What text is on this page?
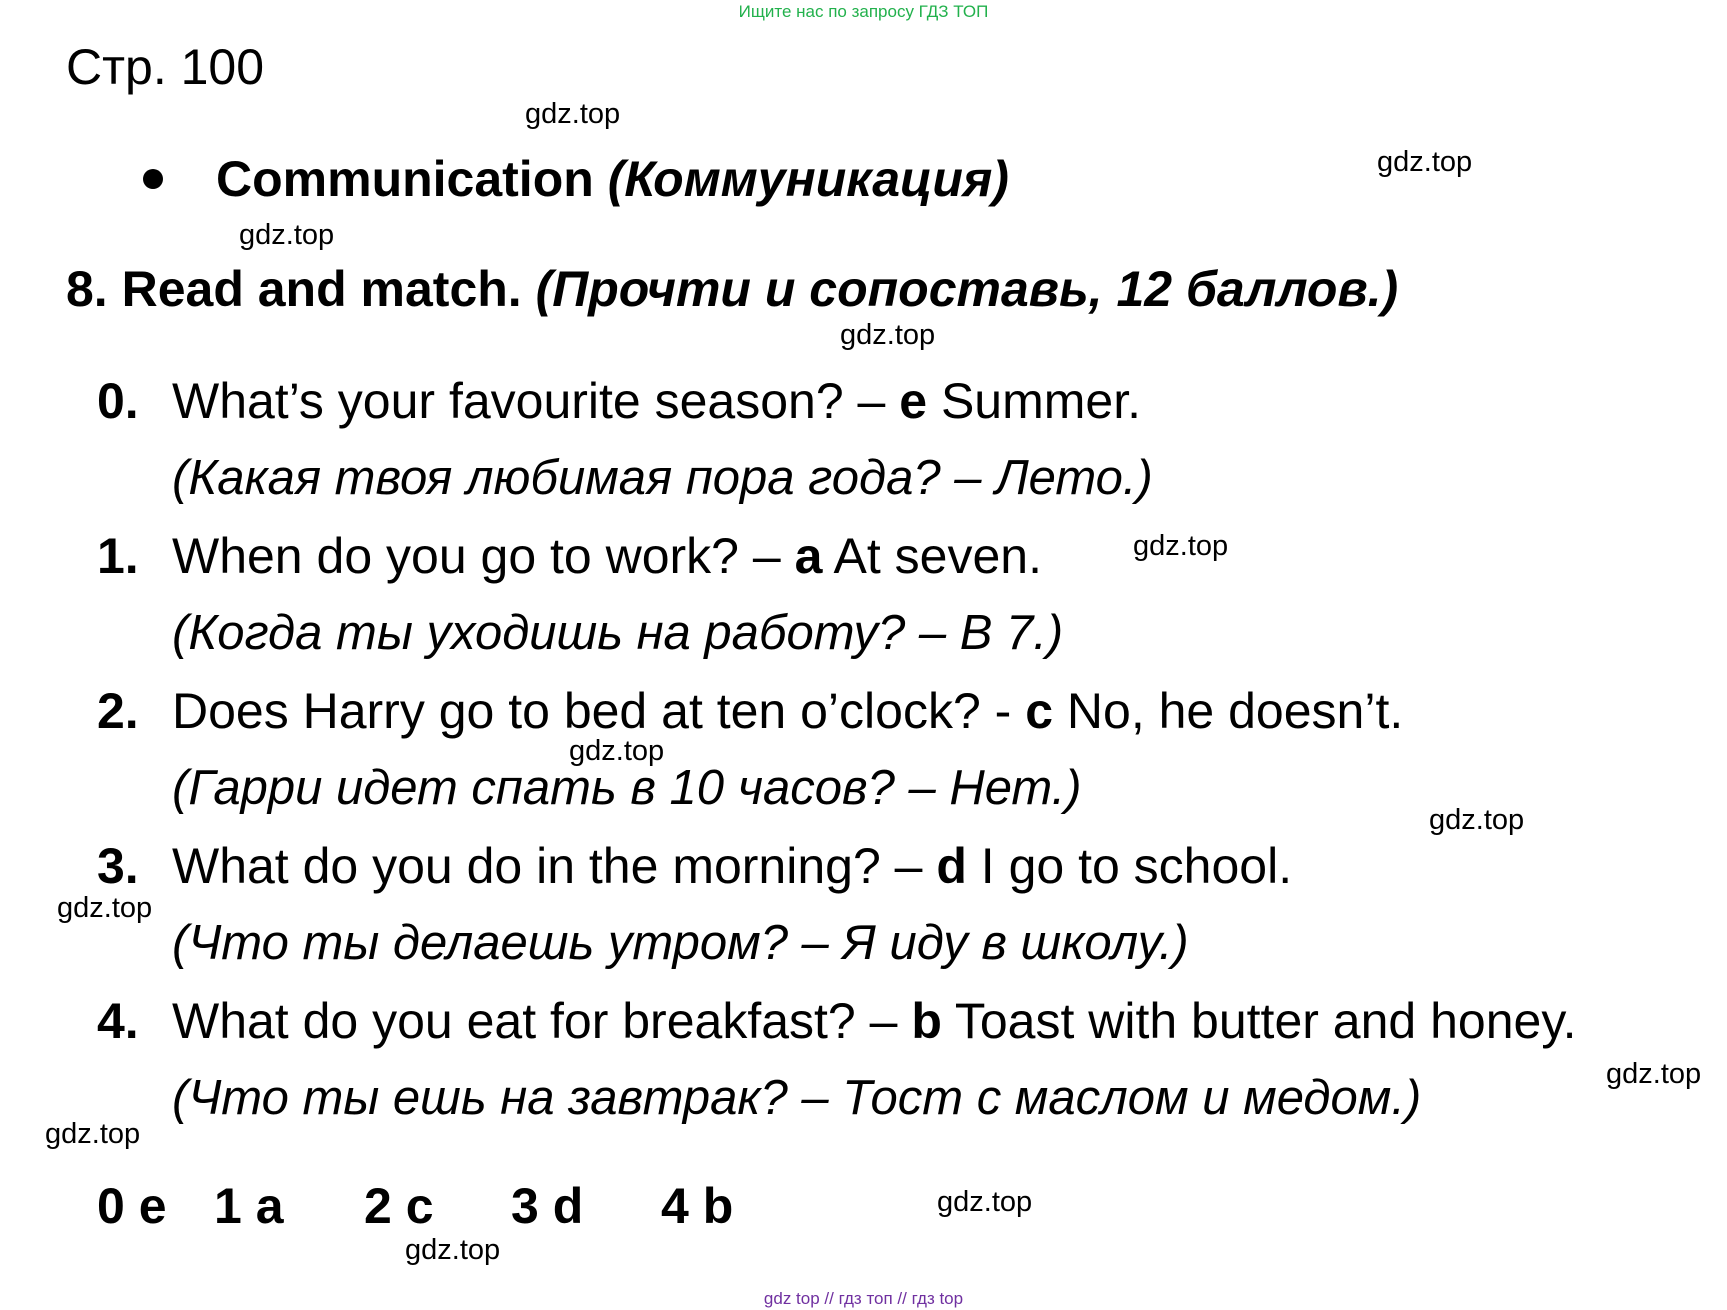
Ищите нас по запросу ГДЗ ТОП
Стр. 100
Communication (Коммуникация)
8. Read and match. (Прочти и сопоставь, 12 баллов.)
0. What’s your favourite season? – e Summer.
(Какая твоя любимая пора года? – Лето.)
1. When do you go to work? – a At seven.
(Когда ты уходишь на работу? – В 7.)
2. Does Harry go to bed at ten o’clock? - c No, he doesn’t.
(Гарри идет спать в 10 часов? – Нет.)
3. What do you do in the morning? – d I go to school.
(Что ты делаешь утром? – Я иду в школу.)
4. What do you eat for breakfast? – b Toast with butter and honey.
(Что ты ешь на завтрак? – Тост с маслом и медом.)
0 e 1 a 2 c 3 d 4 b
gdz.top
gdz.top
gdz.top
gdz.top
gdz.top
gdz.top
gdz.top
gdz.top
gdz.top
gdz.top
gdz.top
gdz.top
gdz top // гдз топ // гдз top
